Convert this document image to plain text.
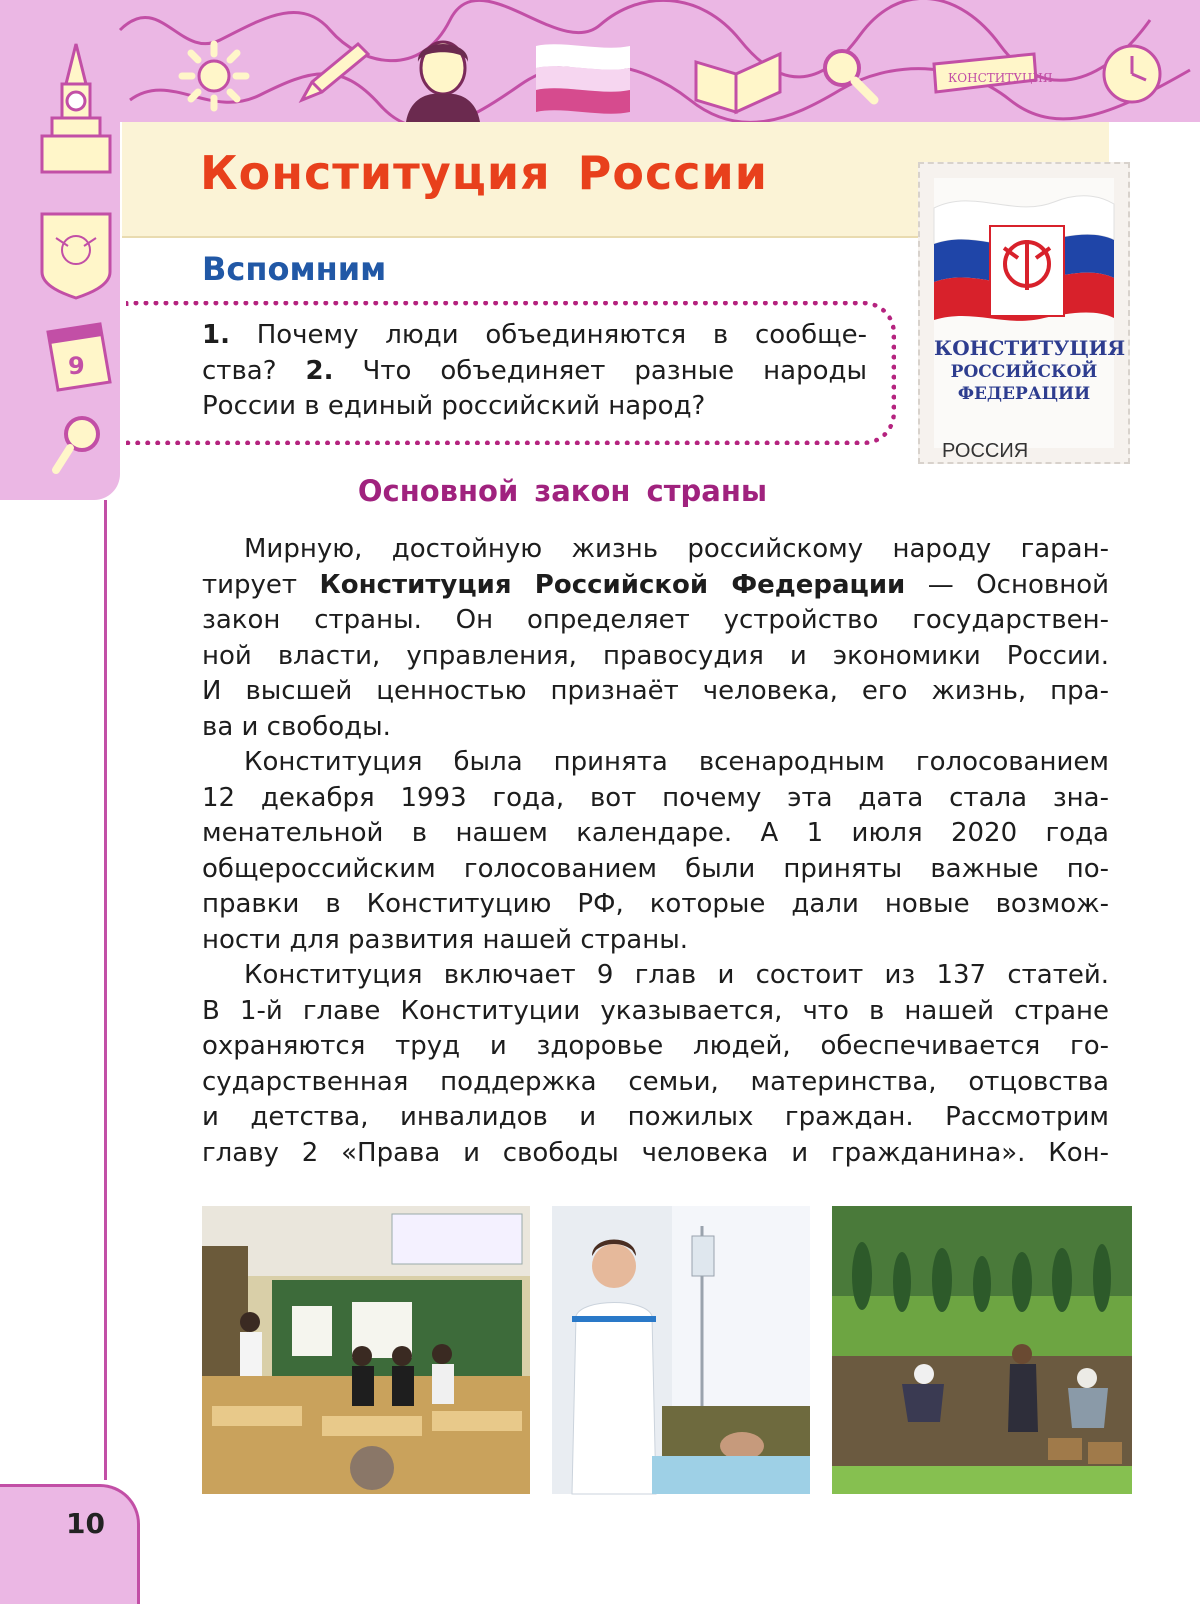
КОНСТИТУЦИЯ
9
Конституция России
КОНСТИТУЦИЯ
РОССИЙСКОЙ
ФЕДЕРАЦИИ
РОССИЯ
Вспомним
1. Почему люди объединяются в сообще-
ства? 2. Что объединяет разные народы
России в единый российский народ?
Основной закон страны
Мирную, достойную жизнь российскому народу гаран-
тирует Конституция Российской Федерации — Основной
закон страны. Он определяет устройство государствен-
ной власти, управления, правосудия и экономики России.
И высшей ценностью признаёт человека, его жизнь, пра-
ва и свободы.
Конституция была принята всенародным голосованием
12 декабря 1993 года, вот почему эта дата стала зна-
менательной в нашем календаре. А 1 июля 2020 года
общероссийским голосованием были приняты важные по-
правки в Конституцию РФ, которые дали новые возмож-
ности для развития нашей страны.
Конституция включает 9 глав и состоит из 137 статей.
В 1-й главе Конституции указывается, что в нашей стране
охраняются труд и здоровье людей, обеспечивается го-
сударственная поддержка семьи, материнства, отцовства
и детства, инвалидов и пожилых граждан. Рассмотрим
главу 2 «Права и свободы человека и гражданина». Кон-
10
